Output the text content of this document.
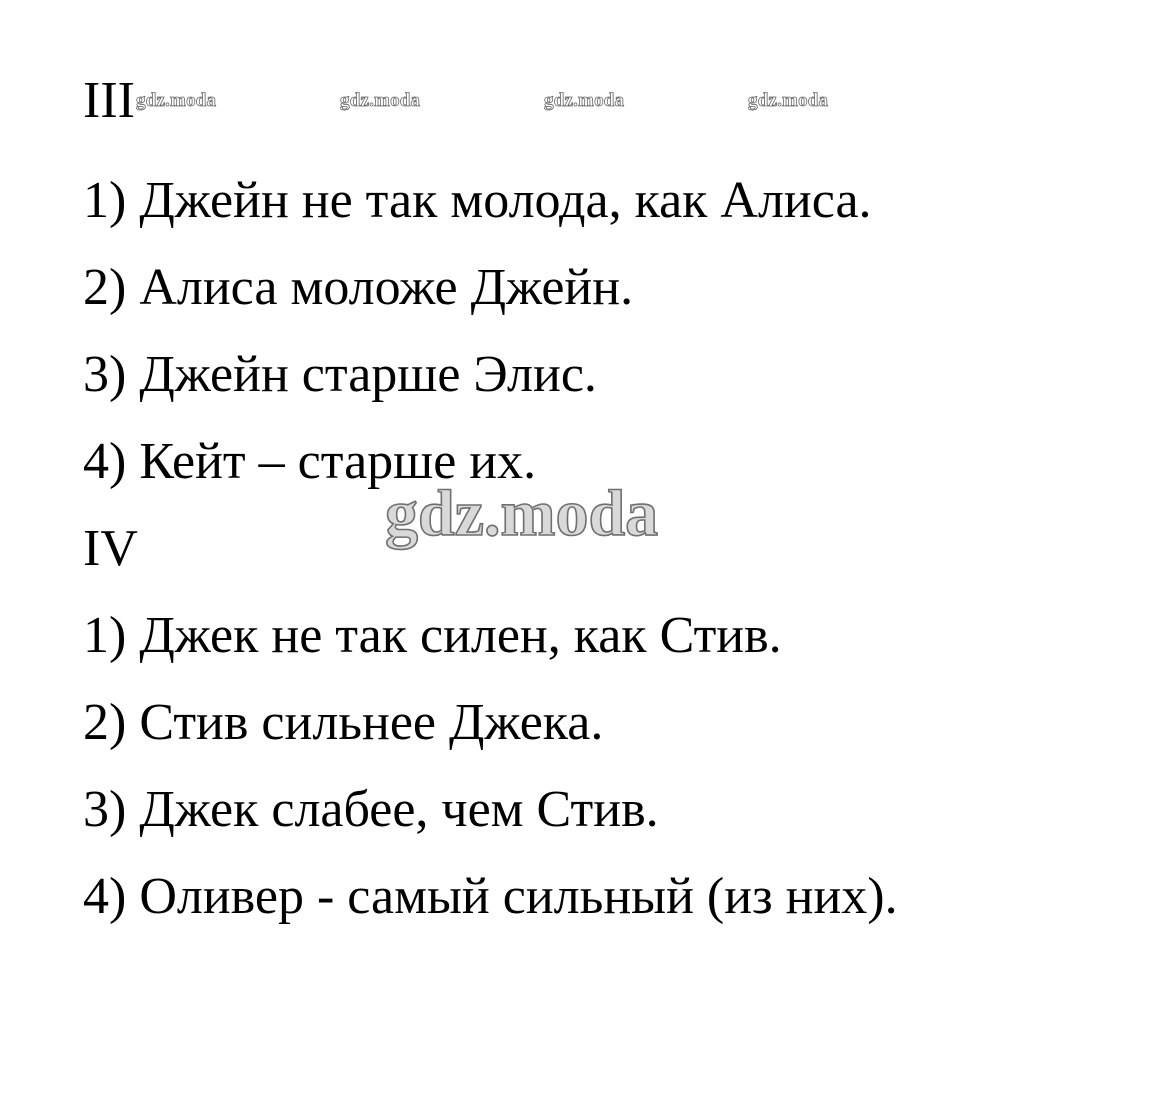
III
1) Джейн не так молода, как Алиса.
2) Алиса моложе Джейн.
3) Джейн старше Элис.
4) Кейт – старше их.
IV
1) Джек не так силен, как Стив.
2) Стив сильнее Джека.
3) Джек слабее, чем Стив.
4) Оливер - самый сильный (из них).
gdz.moda	gdz.moda	gdz.moda	gdz.moda
gdz.moda
